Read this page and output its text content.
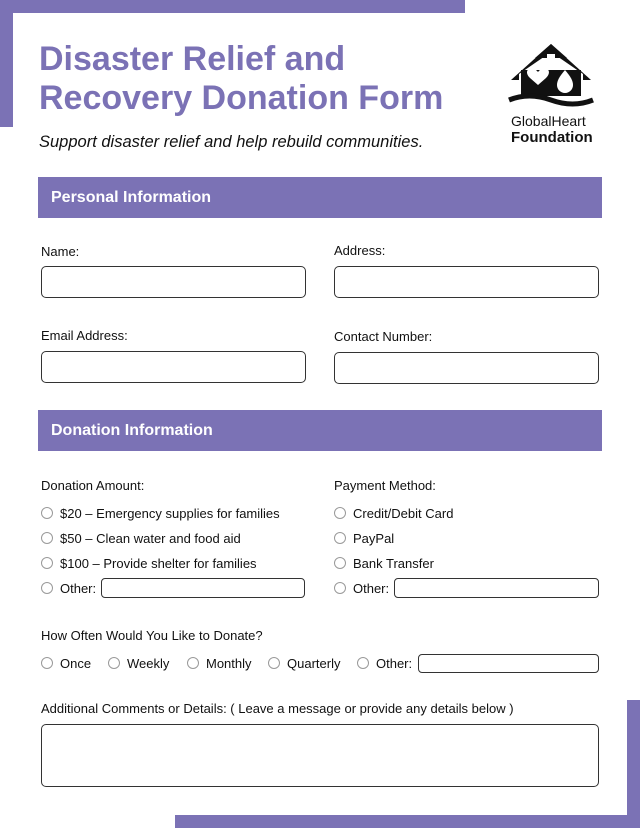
Disaster Relief and
Recovery Donation Form
Support disaster relief and help rebuild communities.
GlobalHeart
Foundation
Personal Information
Name:	Address:
Email Address:	Contact Number:
Donation Information
Donation Amount:
$20 – Emergency supplies for families
$50 – Clean water and food aid
$100 – Provide shelter for families
Other:
Payment Method:
Credit/Debit Card
PayPal
Bank Transfer
Other:
How Often Would You Like to Donate?
Once	Weekly	Monthly	Quarterly	Other:
Additional Comments or Details: ( Leave a message or provide any details below )
